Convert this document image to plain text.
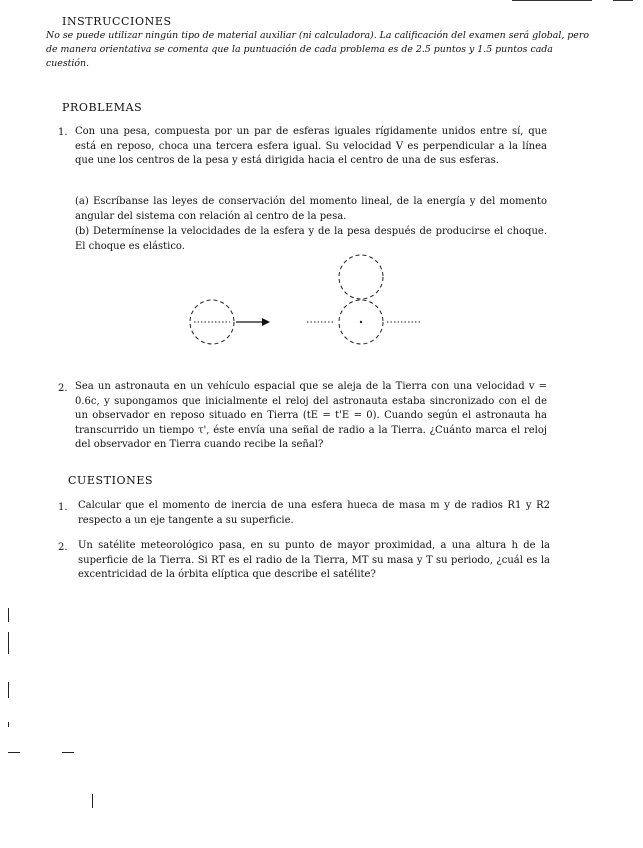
INSTRUCCIONES
No se puede utilizar ningún tipo de material auxiliar (ni calculadora). La calificación del examen será global, pero de manera orientativa se comenta que la puntuación de cada problema es de 2.5 puntos y 1.5 puntos cada cuestión.
PROBLEMAS
1. Con una pesa, compuesta por un par de esferas iguales rígidamente unidos entre sí, que está en reposo, choca una tercera esfera igual. Su velocidad V es perpendicular a la línea que une los centros de la pesa y está dirigida hacia el centro de una de sus esferas.
(a) Escríbanse las leyes de conservación del momento lineal, de la energía y del momento angular del sistema con relación al centro de la pesa.
(b) Determínense la velocidades de la esfera y de la pesa después de producirse el choque. El choque es elástico.
2. Sea un astronauta en un vehículo espacial que se aleja de la Tierra con una velocidad v = 0.6c, y supongamos que inicialmente el reloj del astronauta estaba sincronizado con el de un observador en reposo situado en Tierra (tE = t'E = 0). Cuando según el astronauta ha transcurrido un tiempo τ', éste envía una señal de radio a la Tierra. ¿Cuánto marca el reloj del observador en Tierra cuando recibe la señal?
CUESTIONES
1. Calcular que el momento de inercia de una esfera hueca de masa m y de radios R1 y R2 respecto a un eje tangente a su superficie.
2. Un satélite meteorológico pasa, en su punto de mayor proximidad, a una altura h de la superficie de la Tierra. Si RT es el radio de la Tierra, MT su masa y T su periodo, ¿cuál es la excentricidad de la órbita elíptica que describe el satélite?
